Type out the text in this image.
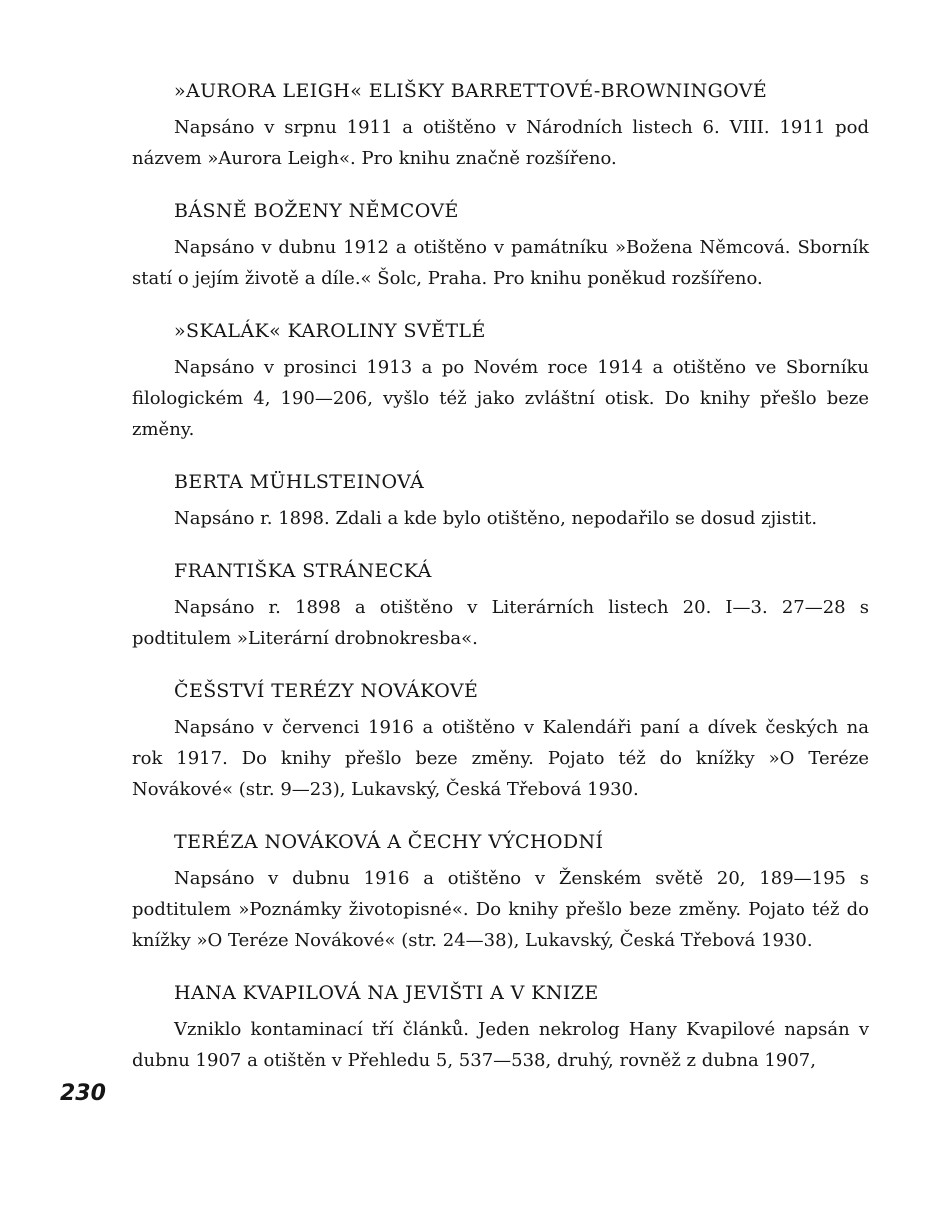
»AURORA LEIGH« ELIŠKY BARRETTOVÉ-BROWNINGOVÉ

Napsáno v srpnu 1911 a otištěno v Národních listech 6. VIII. 1911 pod názvem »Aurora Leigh«. Pro knihu značně rozšířeno.

BÁSNĚ BOŽENY NĚMCOVÉ

Napsáno v dubnu 1912 a otištěno v památníku »Božena Němcová. Sborník statí o jejím životě a díle.« Šolc, Praha. Pro knihu poněkud rozšířeno.

»SKALÁK« KAROLINY SVĚTLÉ

Napsáno v prosinci 1913 a po Novém roce 1914 a otištěno ve Sborníku filologickém 4, 190—206, vyšlo též jako zvláštní otisk. Do knihy přešlo beze změny.

BERTA MÜHLSTEINOVÁ

Napsáno r. 1898. Zdali a kde bylo otištěno, nepodařilo se dosud zjistit.

FRANTIŠKA STRÁNECKÁ

Napsáno r. 1898 a otištěno v Literárních listech 20. I—3. 27—28 s podtitulem »Literární drobnokresba«.

ČEŠSTVÍ TERÉZY NOVÁKOVÉ

Napsáno v červenci 1916 a otištěno v Kalendáři paní a dívek českých na rok 1917. Do knihy přešlo beze změny. Pojato též do knížky »O Teréze Novákové« (str. 9—23), Lukavský, Česká Třebová 1930.

TERÉZA NOVÁKOVÁ A ČECHY VÝCHODNÍ

Napsáno v dubnu 1916 a otištěno v Ženském světě 20, 189—195 s podtitulem »Poznámky životopisné«. Do knihy přešlo beze změny. Pojato též do knížky »O Teréze Novákové« (str. 24—38), Lukavský, Česká Třebová 1930.

HANA KVAPILOVÁ NA JEVIŠTI A V KNIZE

Vzniklo kontaminací tří článků. Jeden nekrolog Hany Kvapilové napsán v dubnu 1907 a otištěn v Přehledu 5, 537—538, druhý, rovněž z dubna 1907,

230
